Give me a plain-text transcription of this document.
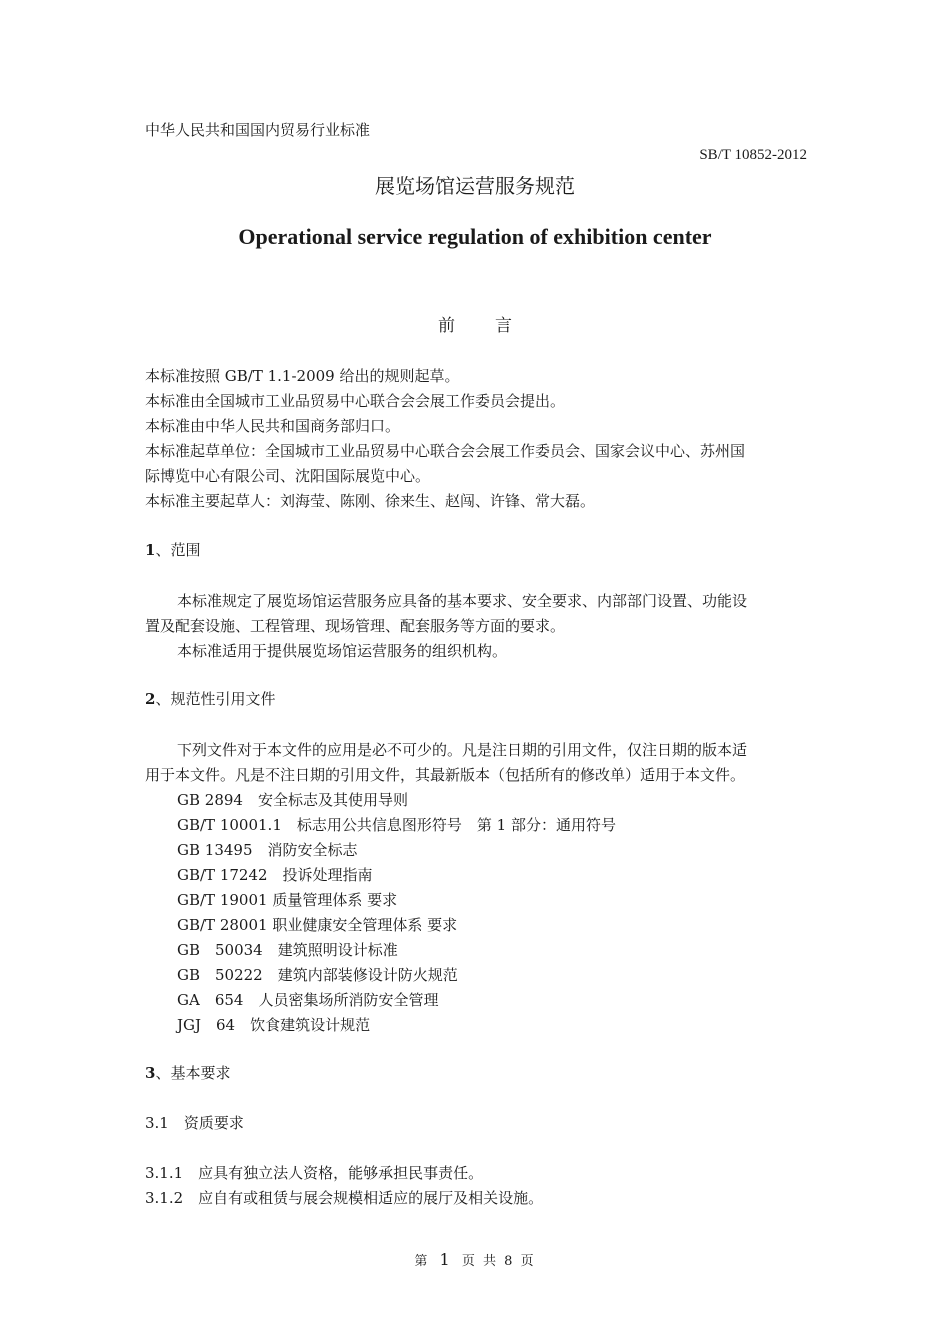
中华人民共和国国内贸易行业标准
SB/T 10852-2012
展览场馆运营服务规范
Operational service regulation of exhibition center
前言
本标准按照 GB/T 1.1-2009 给出的规则起草。
本标准由全国城市工业品贸易中心联合会会展工作委员会提出。
本标准由中华人民共和国商务部归口。
本标准起草单位：全国城市工业品贸易中心联合会会展工作委员会、国家会议中心、苏州国
际博览中心有限公司、沈阳国际展览中心。
本标准主要起草人：刘海莹、陈刚、徐来生、赵闯、许锋、常大磊。
1、范围
本标准规定了展览场馆运营服务应具备的基本要求、安全要求、内部部门设置、功能设
置及配套设施、工程管理、现场管理、配套服务等方面的要求。
本标准适用于提供展览场馆运营服务的组织机构。
2、规范性引用文件
下列文件对于本文件的应用是必不可少的。凡是注日期的引用文件，仅注日期的版本适
用于本文件。凡是不注日期的引用文件，其最新版本（包括所有的修改单）适用于本文件。
GB 2894　安全标志及其使用导则
GB/T 10001.1　标志用公共信息图形符号　第 1 部分：通用符号
GB 13495　消防安全标志
GB/T 17242　投诉处理指南
GB/T 19001 质量管理体系 要求
GB/T 28001 职业健康安全管理体系 要求
GB　50034　建筑照明设计标准
GB　50222　建筑内部装修设计防火规范
GA　654　人员密集场所消防安全管理
JGJ　64　饮食建筑设计规范
3、基本要求
3.1　资质要求
3.1.1　应具有独立法人资格，能够承担民事责任。
3.1.2　应自有或租赁与展会规模相适应的展厅及相关设施。
第 1 页 共 8 页
